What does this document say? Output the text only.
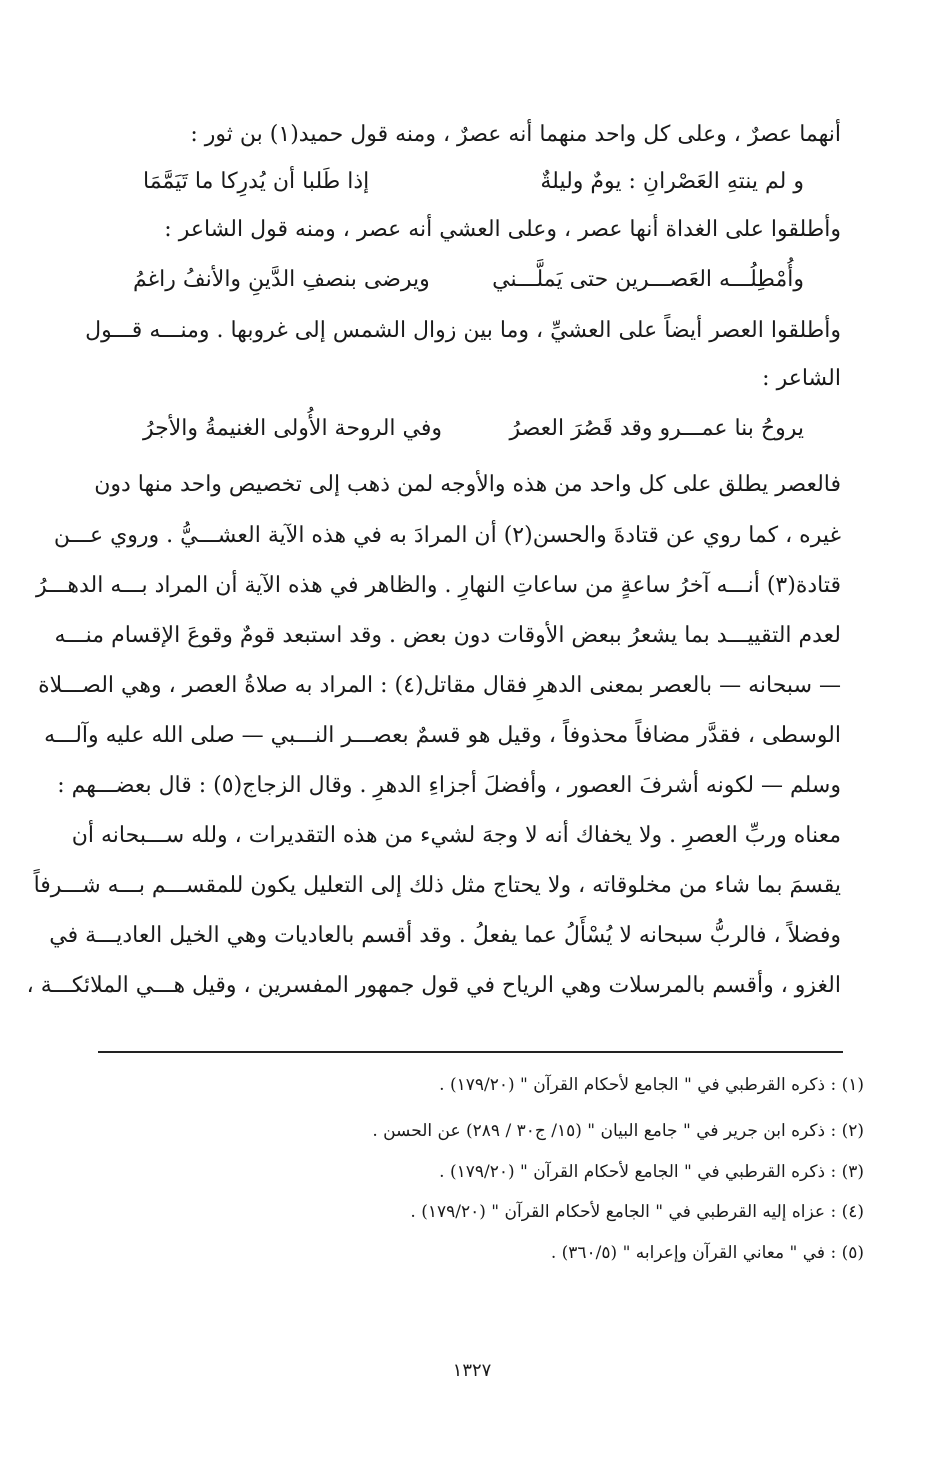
أنهما عصرٌ ، وعلى كل واحد منهما أنه عصرٌ ، ومنه قول حميد(١) بن ثور :
و لم ينتهِ العَصْرانِ : يومٌ وليلةٌ
إذا طَلبا أن يُدرِكا ما تَيَمَّمَا
وأطلقوا على الغداة أنها عصر ، وعلى العشي أنه عصر ، ومنه قول الشاعر :
وأُمْطِلُـــه العَصـــرين حتى يَملَّـــني
ويرضى بنصفِ الدَّينِ والأنفُ راغمُ
وأطلقوا العصر أيضاً على العشيِّ ، وما بين زوال الشمس إلى غروبها . ومنـــه قـــول
الشاعر :
يروحُ بنا عمـــرو وقد قَصُرَ العصرُ
وفي الروحة الأُولى الغنيمةُ والأجرُ
فالعصر يطلق على كل واحد من هذه والأوجه لمن ذهب إلى تخصيص واحد منها دون
غيره ، كما روي عن قتادةَ والحسن(٢) أن المرادَ به في هذه الآية العشـــيُّ . وروي عـــن
قتادة(٣) أنـــه آخرُ ساعةٍ من ساعاتِ النهارِ . والظاهر في هذه الآية أن المراد بـــه الدهـــرُ
لعدم التقييـــد بما يشعرُ ببعض الأوقات دون بعض . وقد استبعد قومٌ وقوعَ الإقسام منـــه
— سبحانه — بالعصر بمعنى الدهرِ فقال مقاتل(٤) : المراد به صلاةُ العصر ، وهي الصـــلاة
الوسطى ، فقدَّر مضافاً محذوفاً ، وقيل هو قسمٌ بعصـــر النـــبي — صلى الله عليه وآلـــه
وسلم — لكونه أشرفَ العصور ، وأفضلَ أجزاءِ الدهرِ . وقال الزجاج(٥) : قال بعضـــهم :
معناه وربِّ العصرِ . ولا يخفاك أنه لا وجهَ لشيء من هذه التقديرات ، ولله ســـبحانه أن
يقسمَ بما شاء من مخلوقاته ، ولا يحتاج مثل ذلك إلى التعليل يكون للمقســـم بـــه شـــرفاً
وفضلاً ، فالربُّ سبحانه لا يُسْأَلُ عما يفعلُ . وقد أقسم بالعاديات وهي الخيل العاديـــة في
الغزو ، وأقسم بالمرسلات وهي الرياح في قول جمهور المفسرين ، وقيل هـــي الملائكـــة ،
(١) : ذكره القرطبي في " الجامع لأحكام القرآن " (١٧٩/٢٠) .
(٢) : ذكره ابن جرير في " جامع البيان " (١٥/ ج٣٠ / ٢٨٩) عن الحسن .
(٣) : ذكره القرطبي في " الجامع لأحكام القرآن " (١٧٩/٢٠) .
(٤) : عزاه إليه القرطبي في " الجامع لأحكام القرآن " (١٧٩/٢٠) .
(٥) : في " معاني القرآن وإعرابه " (٣٦٠/٥) .
١٣٢٧
